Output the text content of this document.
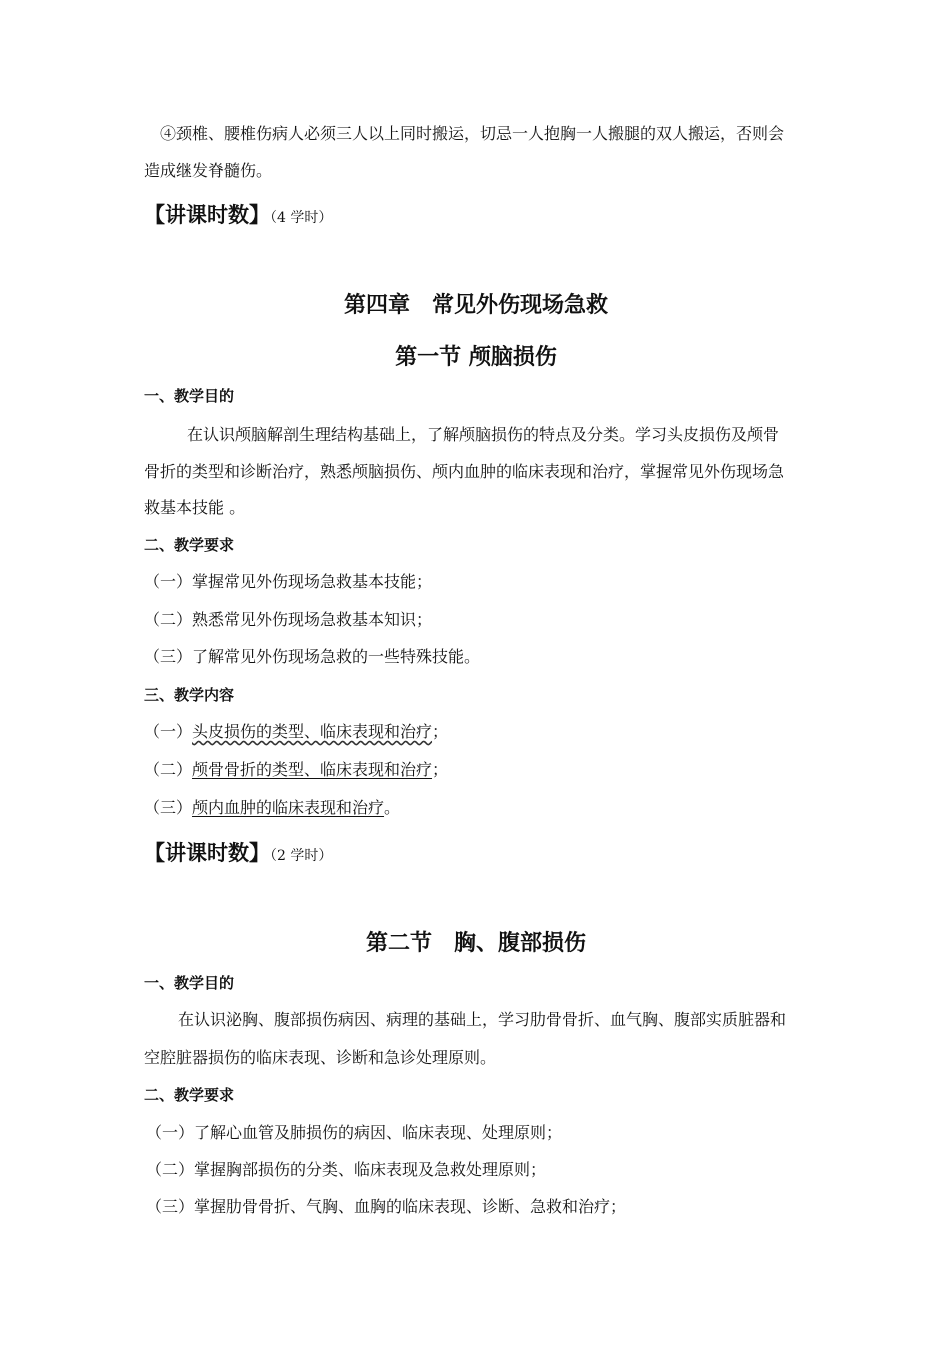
④颈椎、腰椎伤病人必须三人以上同时搬运，切忌一人抱胸一人搬腿的双人搬运，否则会
造成继发脊髓伤。
【讲课时数】（4 学时）
第四章　常见外伤现场急救
第一节 颅脑损伤
一、教学目的
在认识颅脑解剖生理结构基础上，了解颅脑损伤的特点及分类。学习头皮损伤及颅骨
骨折的类型和诊断治疗，熟悉颅脑损伤、颅内血肿的临床表现和治疗，掌握常见外伤现场急
救基本技能 。
二、教学要求
（一）掌握常见外伤现场急救基本技能；
（二）熟悉常见外伤现场急救基本知识；
（三）了解常见外伤现场急救的一些特殊技能。
三、教学内容
（一）头皮损伤的类型、临床表现和治疗；
（二）颅骨骨折的类型、临床表现和治疗；
（三）颅内血肿的临床表现和治疗。
【讲课时数】（2 学时）
第二节　胸、腹部损伤
一、教学目的
在认识泌胸、腹部损伤病因、病理的基础上，学习肋骨骨折、血气胸、腹部实质脏器和
空腔脏器损伤的临床表现、诊断和急诊处理原则。
二、教学要求
（一）了解心血管及肺损伤的病因、临床表现、处理原则；
（二）掌握胸部损伤的分类、临床表现及急救处理原则；
（三）掌握肋骨骨折、气胸、血胸的临床表现、诊断、急救和治疗；
